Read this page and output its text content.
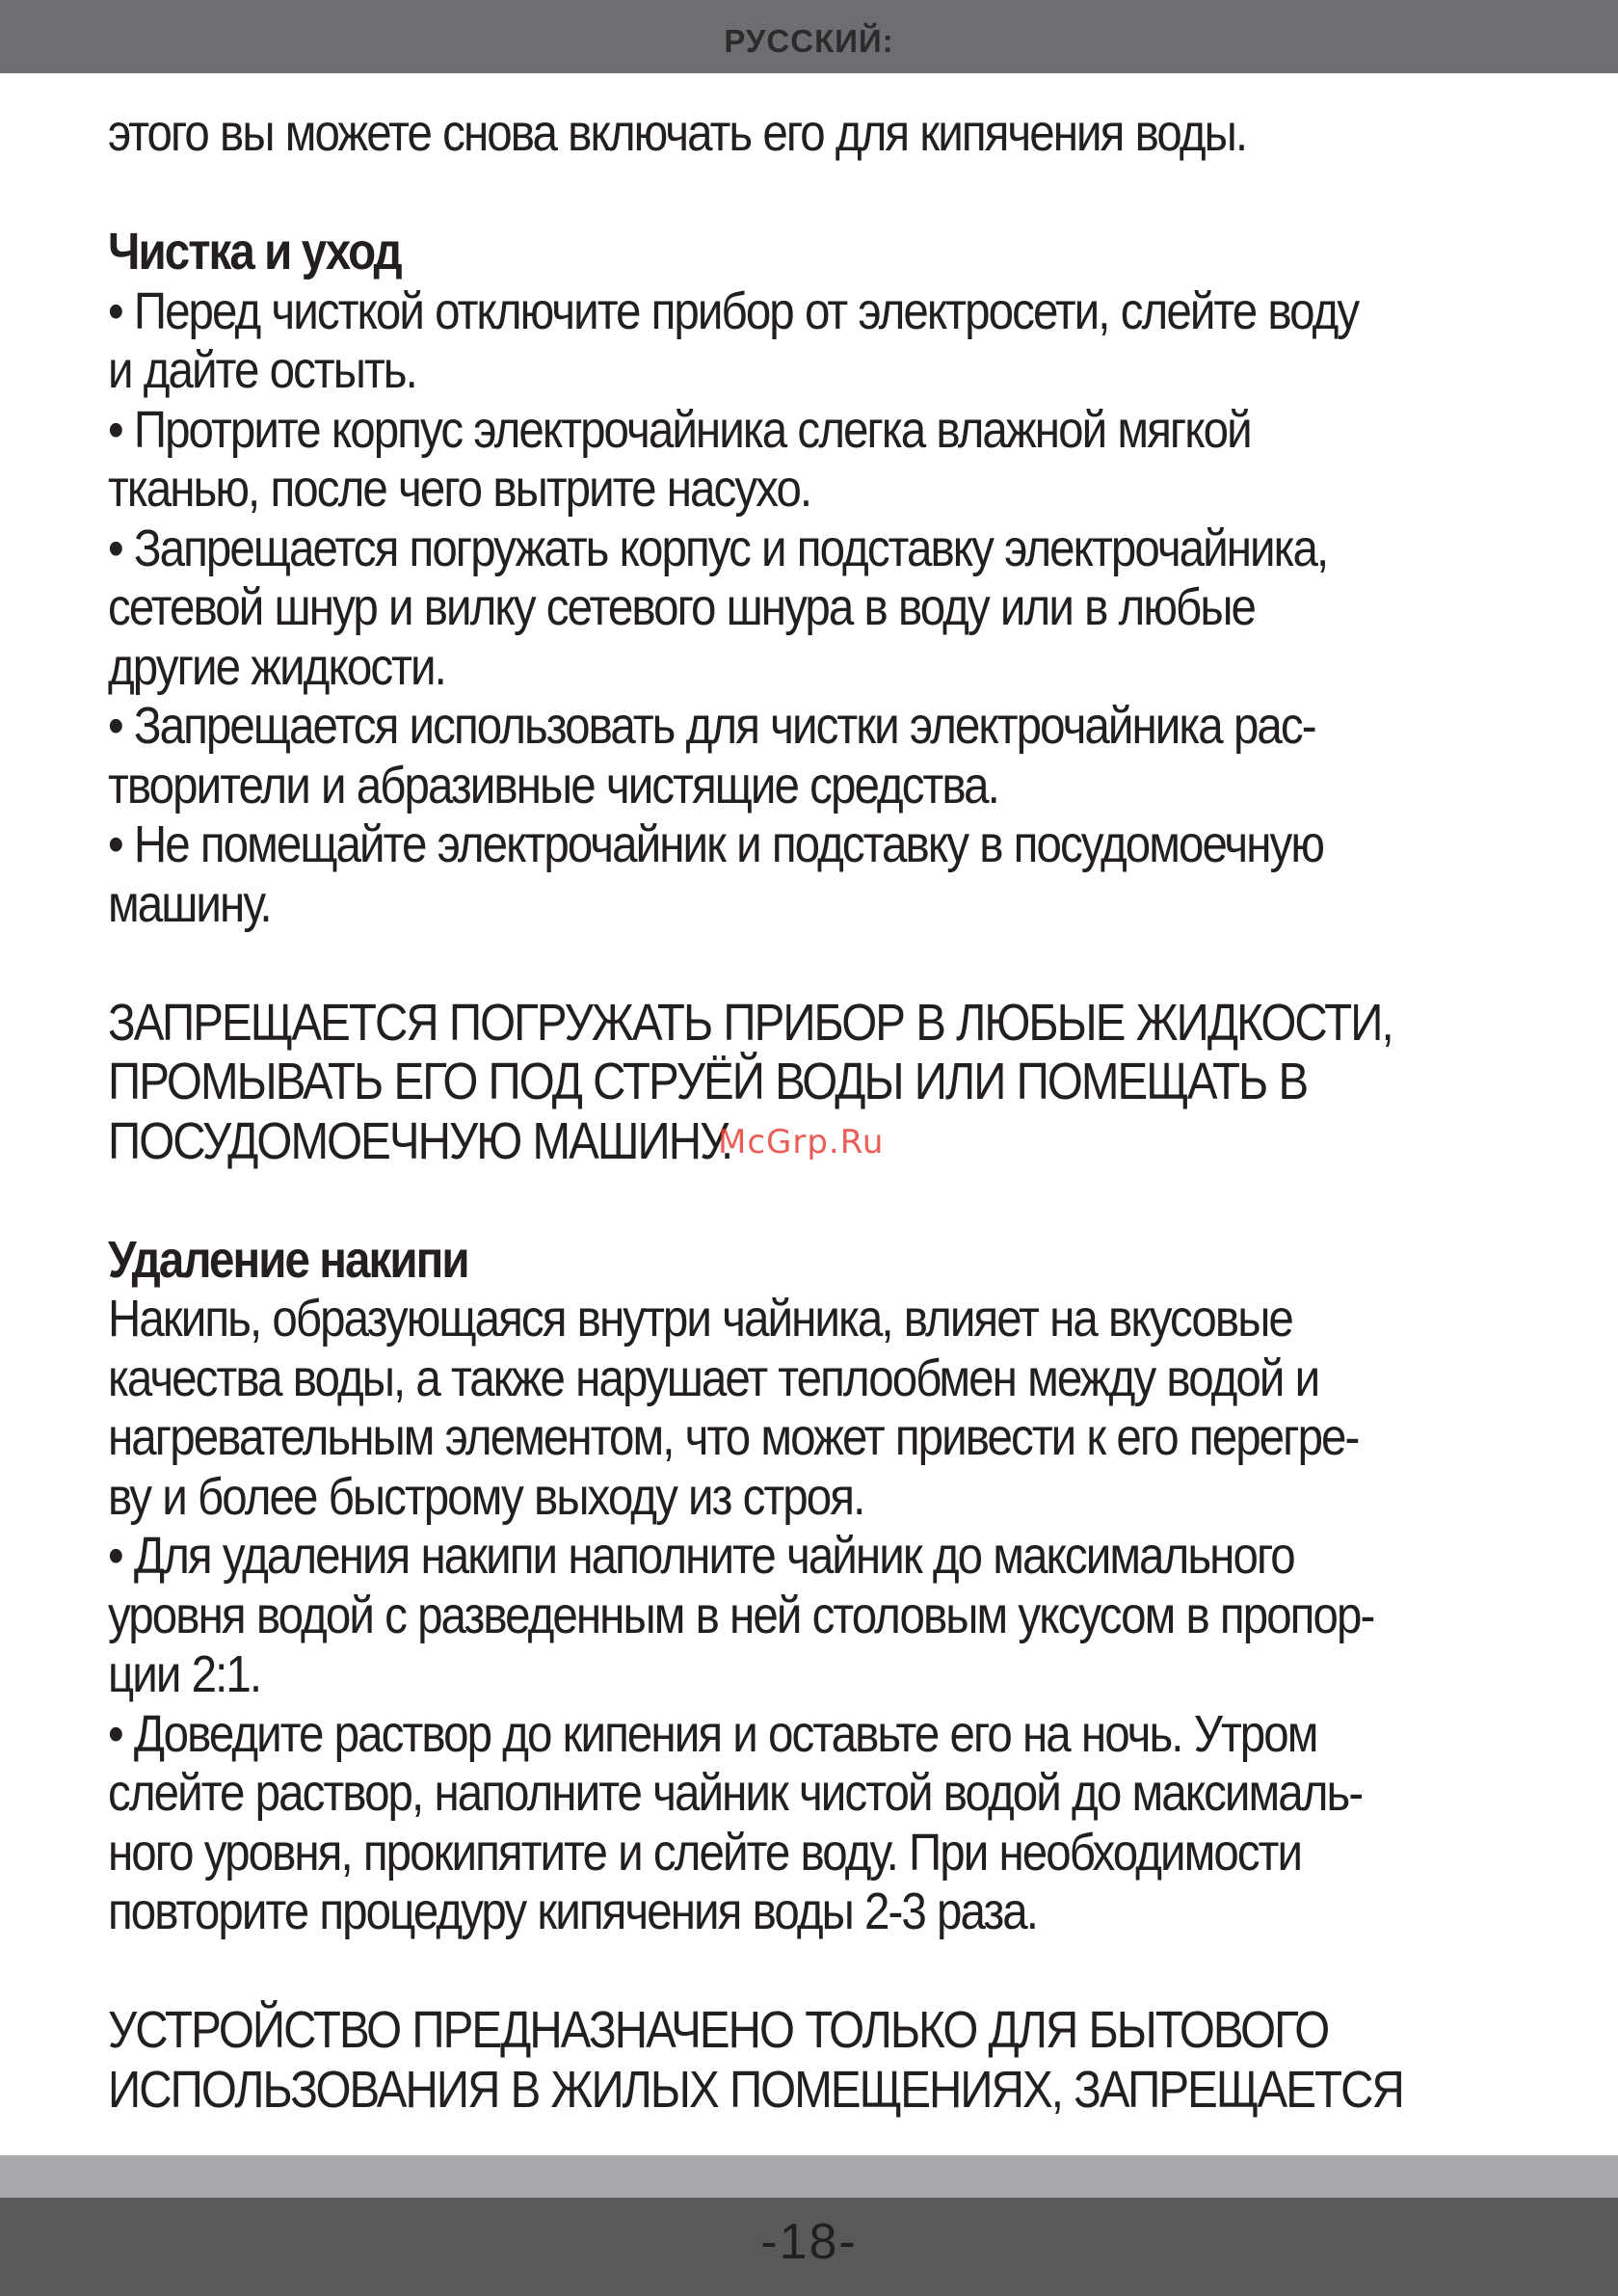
РУССКИЙ:

этого вы можете снова включать его для кипячения воды.

Чистка и уход

• Перед чисткой отключите прибор от электросети, слейте воду

и дайте остыть.

• Протрите корпус электрочайника слегка влажной мягкой

тканью, после чего вытрите насухо.

• Запрещается погружать корпус и подставку электрочайника,

сетевой шнур и вилку сетевого шнура в воду или в любые

другие жидкости.

• Запрещается использовать для чистки электрочайника рас-

творители и абразивные чистящие средства.

• Не помещайте электрочайник и подставку в посудомоечную

машину.

ЗАПРЕЩАЕТСЯ ПОГРУЖАТЬ ПРИБОР В ЛЮБЫЕ ЖИДКОСТИ,

ПРОМЫВАТЬ ЕГО ПОД СТРУЁЙ ВОДЫ ИЛИ ПОМЕЩАТЬ В

ПОСУДОМОЕЧНУЮ МАШИНУ.

Удаление накипи

Накипь, образующаяся внутри чайника, влияет на вкусовые

качества воды, а также нарушает теплообмен между водой и

нагревательным элементом, что может привести к его перегре-

ву и более быстрому выходу из строя.

• Для удаления накипи наполните чайник до максимального

уровня водой с разведенным в ней столовым уксусом в пропор-

ции 2:1.

• Доведите раствор до кипения и оставьте его на ночь. Утром

слейте раствор, наполните чайник чистой водой до максималь-

ного уровня, прокипятите и слейте воду. При необходимости

повторите процедуру кипячения воды 2-3 раза.

УСТРОЙСТВО ПРЕДНАЗНАЧЕНО ТОЛЬКО ДЛЯ БЫТОВОГО

ИСПОЛЬЗОВАНИЯ В ЖИЛЫХ ПОМЕЩЕНИЯХ, ЗАПРЕЩАЕТСЯ

McGrp.Ru
-18-
